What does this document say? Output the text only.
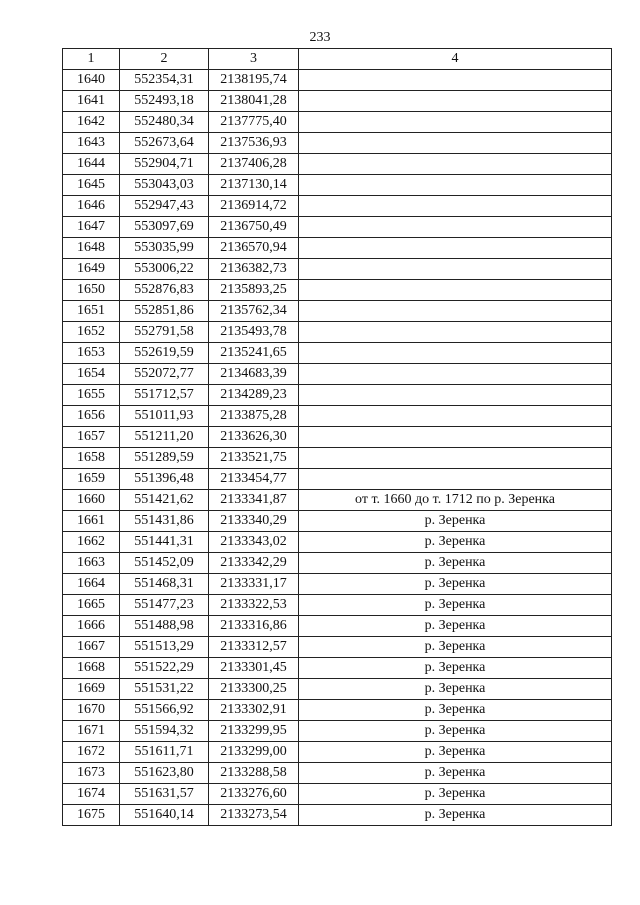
233
1	2	3	4
1640	552354,31	2138195,74	
1641	552493,18	2138041,28	
1642	552480,34	2137775,40	
1643	552673,64	2137536,93	
1644	552904,71	2137406,28	
1645	553043,03	2137130,14	
1646	552947,43	2136914,72	
1647	553097,69	2136750,49	
1648	553035,99	2136570,94	
1649	553006,22	2136382,73	
1650	552876,83	2135893,25	
1651	552851,86	2135762,34	
1652	552791,58	2135493,78	
1653	552619,59	2135241,65	
1654	552072,77	2134683,39	
1655	551712,57	2134289,23	
1656	551011,93	2133875,28	
1657	551211,20	2133626,30	
1658	551289,59	2133521,75	
1659	551396,48	2133454,77	
1660	551421,62	2133341,87	от т. 1660 до т. 1712 по р. Зеренка
1661	551431,86	2133340,29	р. Зеренка
1662	551441,31	2133343,02	р. Зеренка
1663	551452,09	2133342,29	р. Зеренка
1664	551468,31	2133331,17	р. Зеренка
1665	551477,23	2133322,53	р. Зеренка
1666	551488,98	2133316,86	р. Зеренка
1667	551513,29	2133312,57	р. Зеренка
1668	551522,29	2133301,45	р. Зеренка
1669	551531,22	2133300,25	р. Зеренка
1670	551566,92	2133302,91	р. Зеренка
1671	551594,32	2133299,95	р. Зеренка
1672	551611,71	2133299,00	р. Зеренка
1673	551623,80	2133288,58	р. Зеренка
1674	551631,57	2133276,60	р. Зеренка
1675	551640,14	2133273,54	р. Зеренка
